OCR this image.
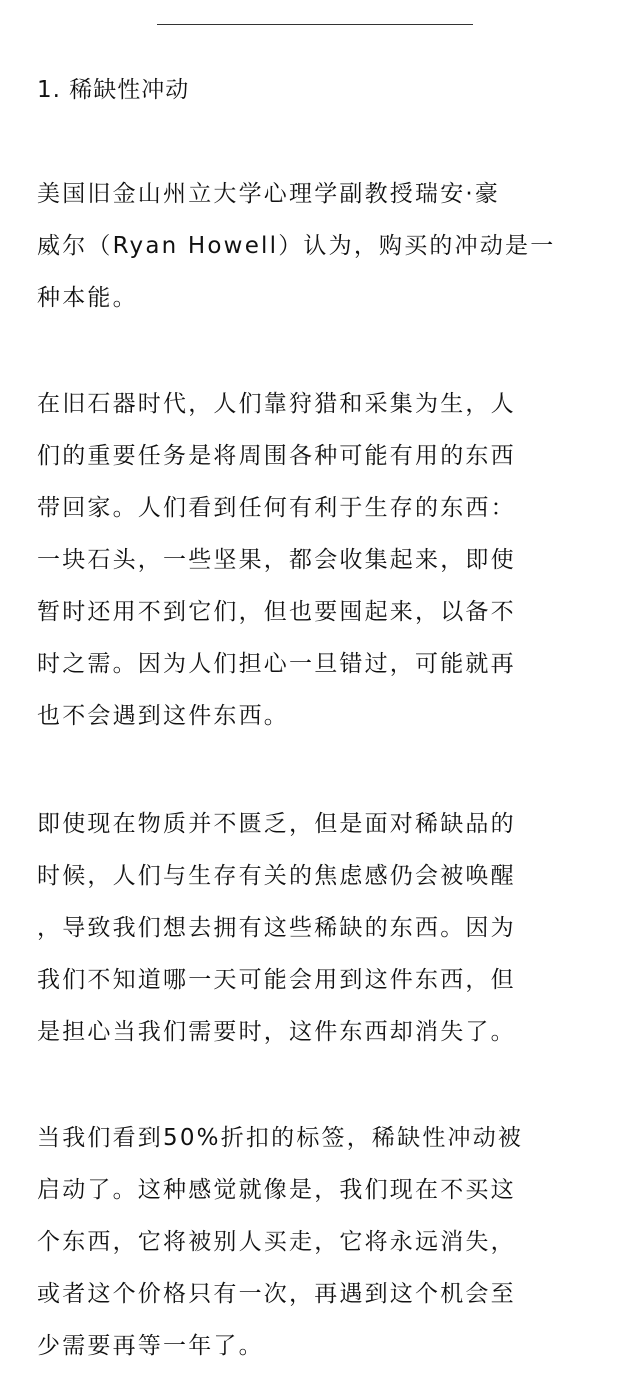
1. 稀缺性冲动
美国旧金山州立大学心理学副教授瑞安·豪
威尔（Ryan Howell）认为，购买的冲动是一
种本能。
在旧石器时代，人们靠狩猎和采集为生，人
们的重要任务是将周围各种可能有用的东西
带回家。人们看到任何有利于生存的东西：
一块石头，一些坚果，都会收集起来，即使
暂时还用不到它们，但也要囤起来，以备不
时之需。因为人们担心一旦错过，可能就再
也不会遇到这件东西。
即使现在物质并不匮乏，但是面对稀缺品的
时候，人们与生存有关的焦虑感仍会被唤醒
，导致我们想去拥有这些稀缺的东西。因为
我们不知道哪一天可能会用到这件东西，但
是担心当我们需要时，这件东西却消失了。
当我们看到50%折扣的标签，稀缺性冲动被
启动了。这种感觉就像是，我们现在不买这
个东西，它将被别人买走，它将永远消失，
或者这个价格只有一次，再遇到这个机会至
少需要再等一年了。
